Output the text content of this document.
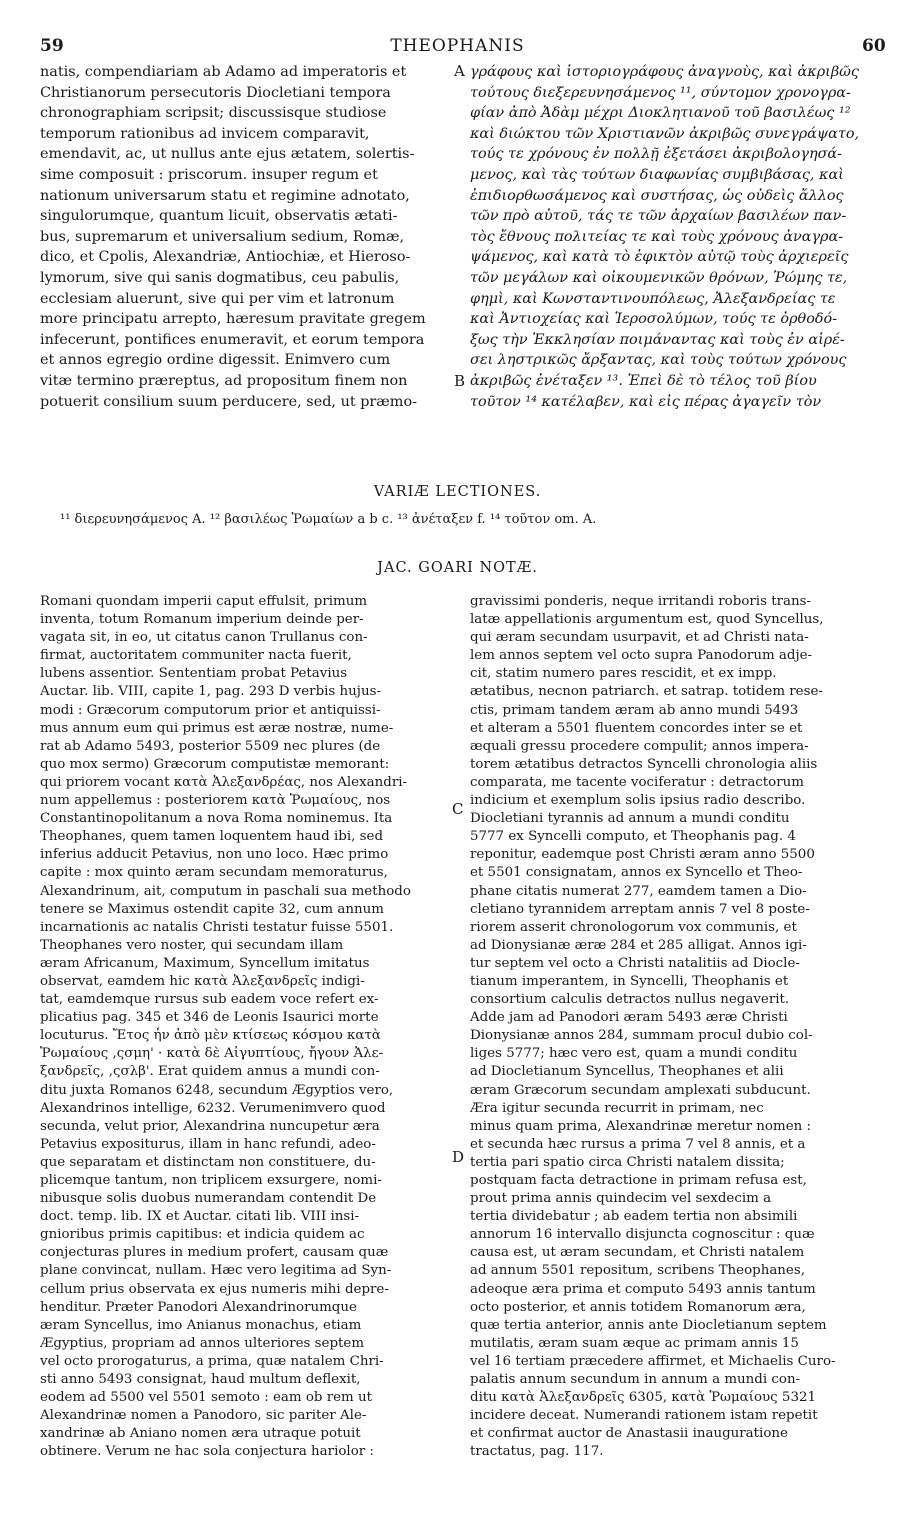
59	THEOPHANIS	60
natis, compendiariam ab Adamo ad imperatoris et
Christianorum persecutoris Diocletiani tempora
chronographiam scripsit; discussisque studiose
temporum rationibus ad invicem comparavit,
emendavit, ac, ut nullus ante ejus ætatem, solertis-
sime composuit : priscorum. insuper regum et
nationum universarum statu et regimine adnotato,
singulorumque, quantum licuit, observatis ætati-
bus, supremarum et universalium sedium, Romæ,
dico, et Cpolis, Alexandriæ, Antiochiæ, et Hieroso-
lymorum, sive qui sanis dogmatibus, ceu pabulis,
ecclesiam aluerunt, sive qui per vim et latronum
more principatu arrepto, hæresum pravitate gregem
infecerunt, pontifices enumeravit, et eorum tempora
et annos egregio ordine digessit. Enimvero cum
vitæ termino præreptus, ad propositum finem non
potuerit consilium suum perducere, sed, ut præmo-
A γράφους καὶ ἱστοριογράφους ἀναγνοὺς, καὶ ἀκριβῶς
τούτους διεξερευνησάμενος ¹¹, σύντομον χρονογρα-
φίαν ἀπὸ Ἀδὰμ μέχρι Διοκλητιανοῦ τοῦ βασιλέως ¹²
καὶ διώκτου τῶν Χριστιανῶν ἀκριβῶς συνεγράψατο,
τούς τε χρόνους ἐν πολλῇ ἐξετάσει ἀκριβολογησά-
μενος, καὶ τὰς τούτων διαφωνίας συμβιβάσας, καὶ
ἐπιδιορθωσάμενος καὶ συστήσας, ὡς οὐδεὶς ἄλλος
τῶν πρὸ αὐτοῦ, τάς τε τῶν ἀρχαίων βασιλέων παν-
τὸς ἔθνους πολιτείας τε καὶ τοὺς χρόνους ἀναγρα-
ψάμενος, καὶ κατὰ τὸ ἐφικτὸν αὐτῷ τοὺς ἀρχιερεῖς
τῶν μεγάλων καὶ οἰκουμενικῶν θρόνων, Ῥώμης τε,
φημὶ, καὶ Κωνσταντινουπόλεως, Ἀλεξανδρείας τε
καὶ Ἀντιοχείας καὶ Ἱεροσολύμων, τούς τε ὀρθοδό-
ξως τὴν Ἐκκλησίαν ποιμάναντας καὶ τοὺς ἐν αἱρέ-
σει ληστρικῶς ἄρξαντας, καὶ τοὺς τούτων χρόνους
ἀκριβῶς ἐνέταξεν ¹³. Ἐπεὶ δὲ τὸ τέλος τοῦ βίου
τοῦτον ¹⁴ κατέλαβεν, καὶ εἰς πέρας ἀγαγεῖν τὸν
B
VARIÆ LECTIONES.
¹¹ διερευνησάμενος A. ¹² βασιλέως Ῥωμαίων a b c. ¹³ ἀνέταξεν f. ¹⁴ τοῦτον om. A.
JAC. GOARI NOTÆ.
Romani quondam imperii caput effulsit, primum
inventa, totum Romanum imperium deinde per-
vagata sit, in eo, ut citatus canon Trullanus con-
firmat, auctoritatem communiter nacta fuerit,
lubens assentior. Sententiam probat Petavius
Auctar. lib. VIII, capite 1, pag. 293 D verbis hujus-
modi : Græcorum computorum prior et antiquissi-
mus annum eum qui primus est æræ nostræ, nume-
rat ab Adamo 5493, posterior 5509 nec plures (de
quo mox sermo) Græcorum computistæ memorant:
qui priorem vocant κατὰ Ἀλεξανδρέας, nos Alexandri-
num appellemus : posteriorem κατὰ Ῥωμαίους, nos
Constantinopolitanum a nova Roma nominemus. Ita
Theophanes, quem tamen loquentem haud ibi, sed
inferius adducit Petavius, non uno loco. Hæc primo
capite : mox quinto æram secundam memoraturus,
Alexandrinum, ait, computum in paschali sua methodo
tenere se Maximus ostendit capite 32, cum annum
incarnationis ac natalis Christi testatur fuisse 5501.
Theophanes vero noster, qui secundam illam
æram Africanum, Maximum, Syncellum imitatus
observat, eamdem hic κατὰ Ἀλεξανδρεῖς indigi-
tat, eamdemque rursus sub eadem voce refert ex-
plicatius pag. 345 et 346 de Leonis Isaurici morte
locuturus. Ἔτος ἦν ἀπὸ μὲν κτίσεως κόσμου κατὰ
Ῥωμαίους ,ςσμη' · κατὰ δὲ Αἰγυπτίους, ἤγουν Ἀλε-
ξανδρεῖς, ,ςσλβ'. Erat quidem annus a mundi con-
ditu juxta Romanos 6248, secundum Ægyptios vero,
Alexandrinos intellige, 6232. Verumenimvero quod
secunda, velut prior, Alexandrina nuncupetur æra
Petavius expositurus, illam in hanc refundi, adeo-
que separatam et distinctam non constituere, du-
plicemque tantum, non triplicem exsurgere, nomi-
nibusque solis duobus numerandam contendit De
doct. temp. lib. IX et Auctar. citati lib. VIII insi-
gnioribus primis capitibus: et indicia quidem ac
conjecturas plures in medium profert, causam quæ
plane convincat, nullam. Hæc vero legitima ad Syn-
cellum prius observata ex ejus numeris mihi depre-
henditur. Præter Panodori Alexandrinorumque
æram Syncellus, imo Anianus monachus, etiam
Ægyptius, propriam ad annos ulteriores septem
vel octo prorogaturus, a prima, quæ natalem Chri-
sti anno 5493 consignat, haud multum deflexit,
eodem ad 5500 vel 5501 semoto : eam ob rem ut
Alexandrinæ nomen a Panodoro, sic pariter Ale-
xandrinæ ab Aniano nomen æra utraque potuit
obtinere. Verum ne hac sola conjectura hariolor :
C
D
gravissimi ponderis, neque irritandi roboris trans-
latæ appellationis argumentum est, quod Syncellus,
qui æram secundam usurpavit, et ad Christi nata-
lem annos septem vel octo supra Panodorum adje-
cit, statim numero pares rescidit, et ex impp.
ætatibus, necnon patriarch. et satrap. totidem rese-
ctis, primam tandem æram ab anno mundi 5493
et alteram a 5501 fluentem concordes inter se et
æquali gressu procedere compulit; annos impera-
torem ætatibus detractos Syncelli chronologia aliis
comparata, me tacente vociferatur : detractorum
indicium et exemplum solis ipsius radio describo.
Diocletiani tyrannis ad annum a mundi conditu
5777 ex Syncelli computo, et Theophanis pag. 4
reponitur, eademque post Christi æram anno 5500
et 5501 consignatam, annos ex Syncello et Theo-
phane citatis numerat 277, eamdem tamen a Dio-
cletiano tyrannidem arreptam annis 7 vel 8 poste-
riorem asserit chronologorum vox communis, et
ad Dionysianæ æræ 284 et 285 alligat. Annos igi-
tur septem vel octo a Christi natalitiis ad Diocle-
tianum imperantem, in Syncelli, Theophanis et
consortium calculis detractos nullus negaverit.
Adde jam ad Panodori æram 5493 æræ Christi
Dionysianæ annos 284, summam procul dubio col-
liges 5777; hæc vero est, quam a mundi conditu
ad Diocletianum Syncellus, Theophanes et alii
æram Græcorum secundam amplexati subducunt.
Æra igitur secunda recurrit in primam, nec
minus quam prima, Alexandrinæ meretur nomen :
et secunda hæc rursus a prima 7 vel 8 annis, et a
tertia pari spatio circa Christi natalem dissita;
postquam facta detractione in primam refusa est,
prout prima annis quindecim vel sexdecim a
tertia dividebatur ; ab eadem tertia non absimili
annorum 16 intervallo disjuncta cognoscitur : quæ
causa est, ut æram secundam, et Christi natalem
ad annum 5501 repositum, scribens Theophanes,
adeoque æra prima et computo 5493 annis tantum
octo posterior, et annis totidem Romanorum æra,
quæ tertia anterior, annis ante Diocletianum septem
mutilatis, æram suam æque ac primam annis 15
vel 16 tertiam præcedere affirmet, et Michaelis Curo-
palatis annum secundum in annum a mundi con-
ditu κατὰ Ἀλεξανδρεῖς 6305, κατὰ Ῥωμαίους 5321
incidere deceat. Numerandi rationem istam repetit
et confirmat auctor de Anastasii inauguratione
tractatus, pag. 117.
